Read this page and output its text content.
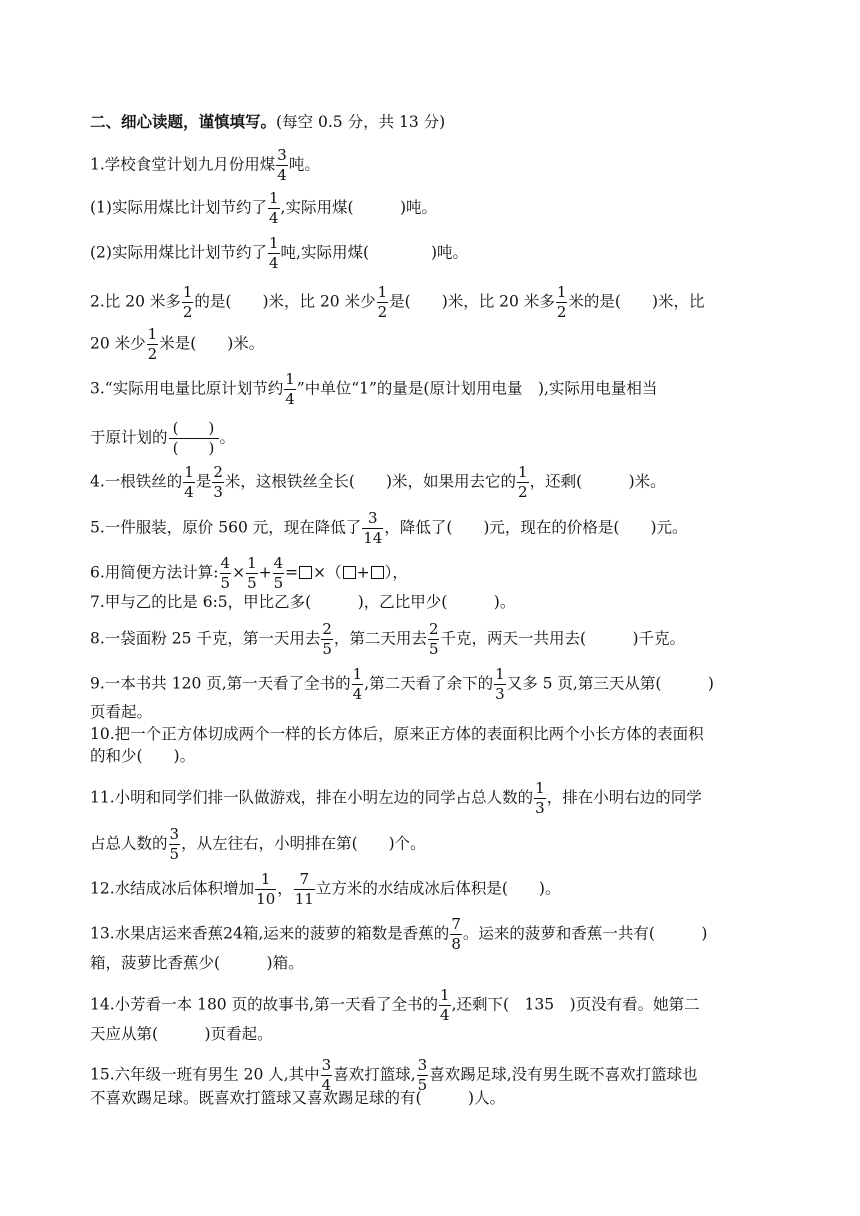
二、细心读题，谨慎填写。(每空 0.5 分，共 13 分)
1.学校食堂计划九月份用煤 $\frac{3}{4}$ 吨。
(1)实际用煤比计划节约了 $\frac{1}{4}$ ,实际用煤(　　　)吨。
(2)实际用煤比计划节约了 $\frac{1}{4}$ 吨,实际用煤(　　　　)吨。
2.比 20 米多 $\frac{1}{2}$ 的是(　　)米，比 20 米少 $\frac{1}{2}$ 是(　　)米，比 20 米多 $\frac{1}{2}$ 米的是(　　)米，比
20 米少 $\frac{1}{2}$ 米是(　　)米。
3.“实际用电量比原计划节约 $\frac{1}{4}$ ”中单位“1”的量是(原计划用电量　),实际用电量相当
于原计划的 $\frac{( )}{( )}$ 。
4.一根铁丝的 $\frac{1}{4}$ 是 $\frac{2}{3}$ 米，这根铁丝全长(　　)米，如果用去它的 $\frac{1}{2}$ ，还剩(　　　)米。
5.一件服装，原价 560 元，现在降低了 $\frac{3}{14}$ ，降低了(　　)元，现在的价格是(　　)元。
6.用简便方法计算: $\frac{4}{5} \times \frac{1}{5} + \frac{4}{5}$ = ×（ + ），
7.甲与乙的比是 6:5，甲比乙多(　　　)，乙比甲少(　　　)。
8.一袋面粉 25 千克，第一天用去 $\frac{2}{5}$ ，第二天用去 $\frac{2}{5}$ 千克，两天一共用去(　　　)千克。
9.一本书共 120 页,第一天看了全书的 $\frac{1}{4}$ ,第二天看了余下的 $\frac{1}{3}$ 又多 5 页,第三天从第(　　　)
页看起。
10.把一个正方体切成两个一样的长方体后，原来正方体的表面积比两个小长方体的表面积
的和少(　　)。
11.小明和同学们排一队做游戏，排在小明左边的同学占总人数的 $\frac{1}{3}$ ，排在小明右边的同学
占总人数的 $\frac{3}{5}$ ，从左往右，小明排在第(　　)个。
12.水结成冰后体积增加 $\frac{1}{10}$ ， $\frac{7}{11}$ 立方米的水结成冰后体积是(　　)。
13.水果店运来香蕉24箱,运来的菠萝的箱数是香蕉的 $\frac{7}{8}$ 。运来的菠萝和香蕉一共有(　　　)
箱，菠萝比香蕉少(　　　)箱。
14.小芳看一本 180 页的故事书,第一天看了全书的 $\frac{1}{4}$ ,还剩下(　135　)页没有看。她第二
天应从第(　　　)页看起。
15.六年级一班有男生 20 人,其中 $\frac{3}{4}$ 喜欢打篮球, $\frac{3}{5}$ 喜欢踢足球,没有男生既不喜欢打篮球也
不喜欢踢足球。既喜欢打篮球又喜欢踢足球的有(　　　)人。
